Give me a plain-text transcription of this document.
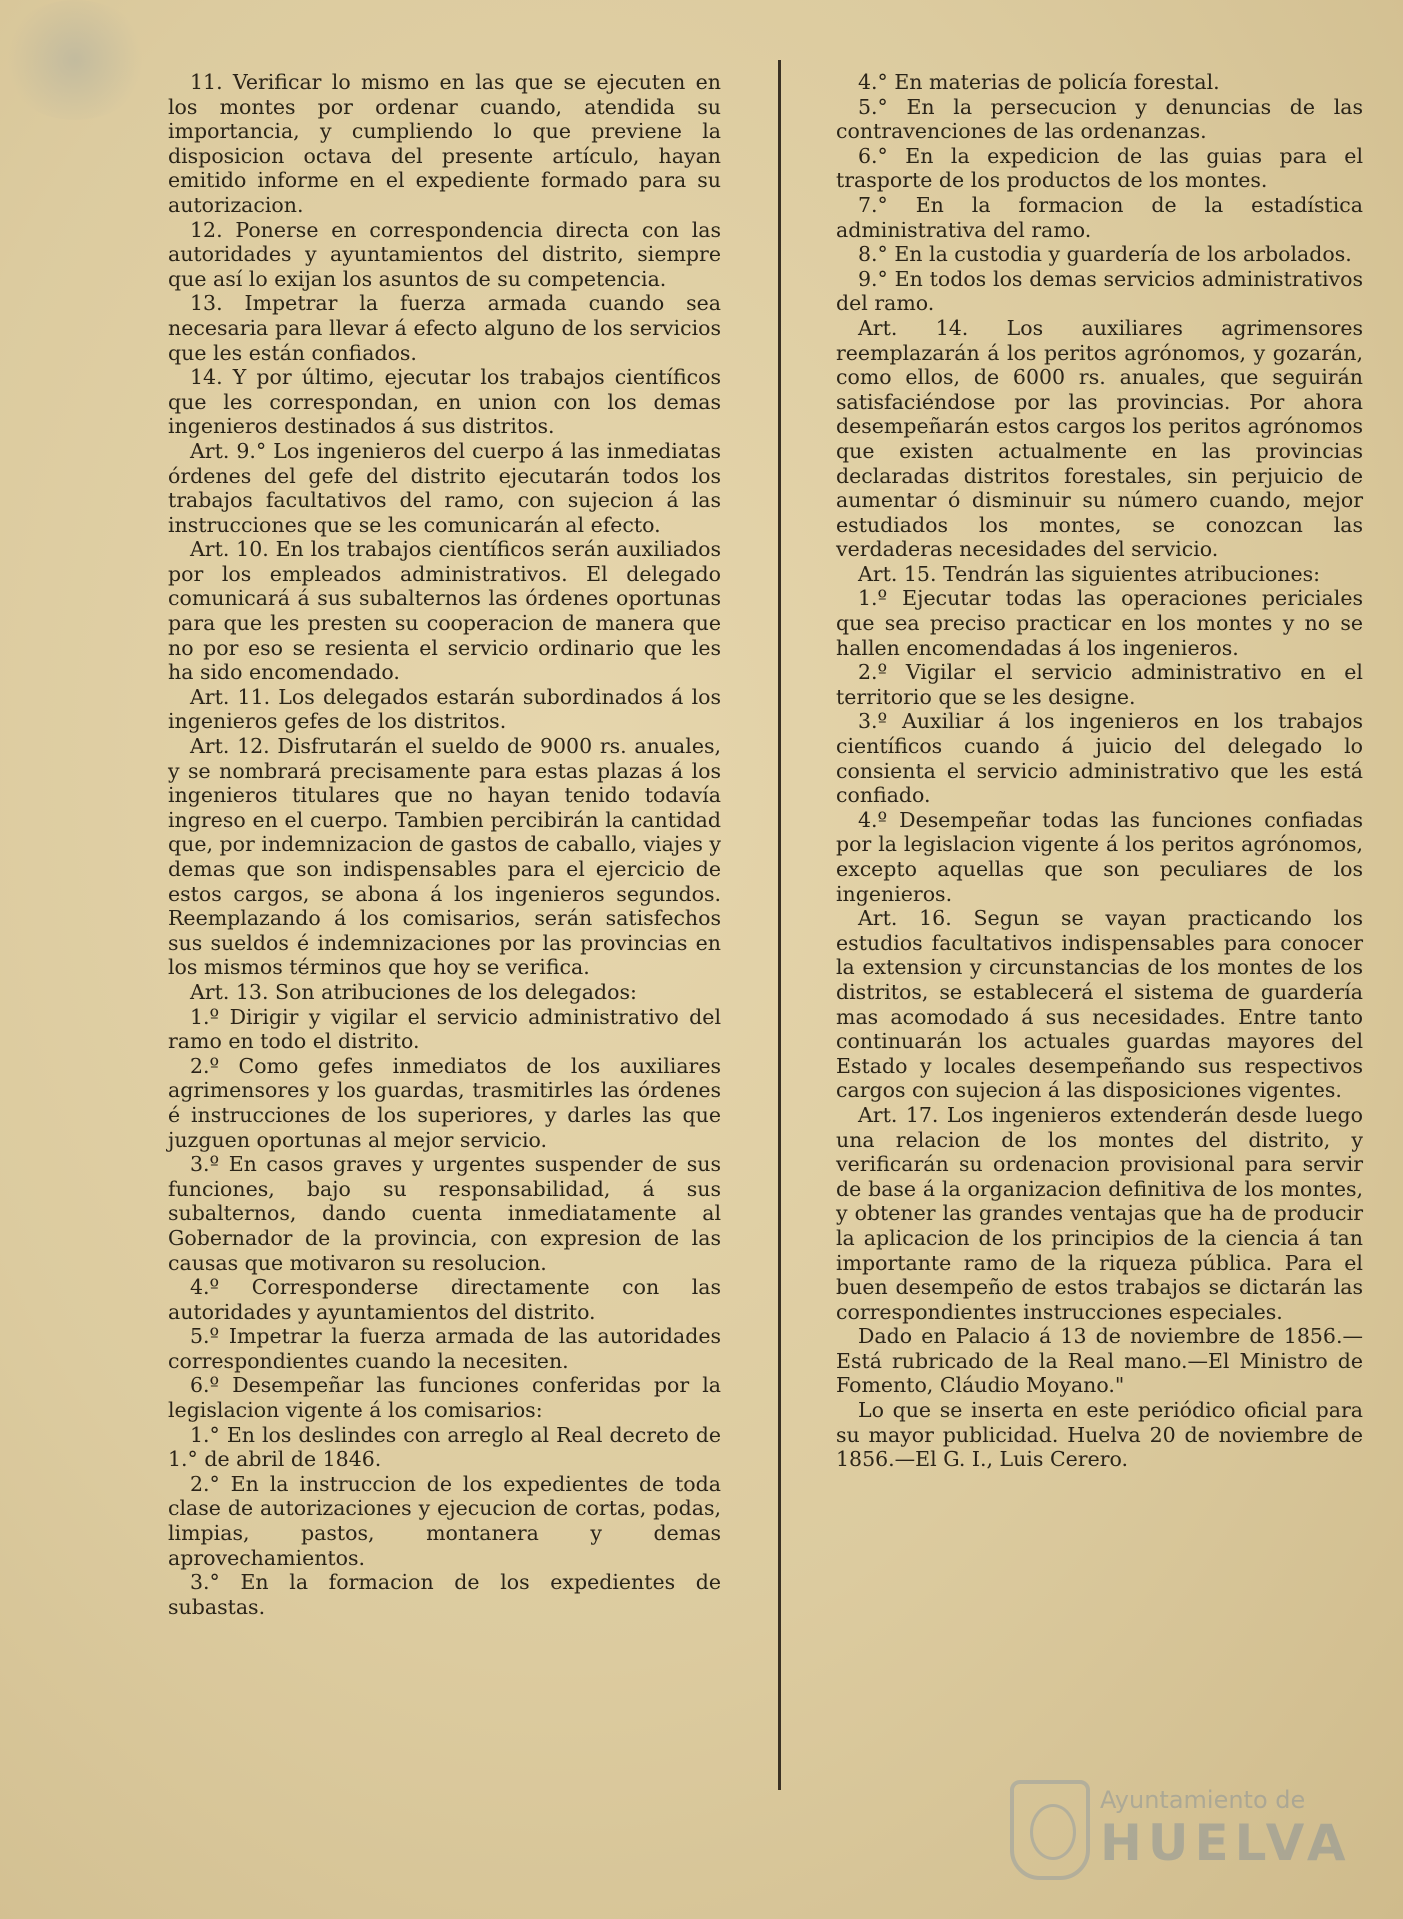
11. Verificar lo mismo en las que se ejecuten en los montes por ordenar cuando, atendida su importancia, y cumpliendo lo que previene la disposicion octava del presente artículo, hayan emitido informe en el expediente formado para su autorizacion.

12. Ponerse en correspondencia directa con las autoridades y ayuntamientos del distrito, siempre que así lo exijan los asuntos de su competencia.

13. Impetrar la fuerza armada cuando sea necesaria para llevar á efecto alguno de los servicios que les están confiados.

14. Y por último, ejecutar los trabajos científicos que les correspondan, en union con los demas ingenieros destinados á sus distritos.

Art. 9.° Los ingenieros del cuerpo á las inmediatas órdenes del gefe del distrito ejecutarán todos los trabajos facultativos del ramo, con sujecion á las instrucciones que se les comunicarán al efecto.

Art. 10. En los trabajos científicos serán auxiliados por los empleados administrativos. El delegado comunicará á sus subalternos las órdenes oportunas para que les presten su cooperacion de manera que no por eso se resienta el servicio ordinario que les ha sido encomendado.

Art. 11. Los delegados estarán subordinados á los ingenieros gefes de los distritos.

Art. 12. Disfrutarán el sueldo de 9000 rs. anuales, y se nombrará precisamente para estas plazas á los ingenieros titulares que no hayan tenido todavía ingreso en el cuerpo. Tambien percibirán la cantidad que, por indemnizacion de gastos de caballo, viajes y demas que son indispensables para el ejercicio de estos cargos, se abona á los ingenieros segundos. Reemplazando á los comisarios, serán satisfechos sus sueldos é indemnizaciones por las provincias en los mismos términos que hoy se verifica.

Art. 13. Son atribuciones de los delegados:

1.º Dirigir y vigilar el servicio administrativo del ramo en todo el distrito.

2.º Como gefes inmediatos de los auxiliares agrimensores y los guardas, trasmitirles las órdenes é instrucciones de los superiores, y darles las que juzguen oportunas al mejor servicio.

3.º En casos graves y urgentes suspender de sus funciones, bajo su responsabilidad, á sus subalternos, dando cuenta inmediatamente al Gobernador de la provincia, con expresion de las causas que motivaron su resolucion.

4.º Corresponderse directamente con las autoridades y ayuntamientos del distrito.

5.º Impetrar la fuerza armada de las autoridades correspondientes cuando la necesiten.

6.º Desempeñar las funciones conferidas por la legislacion vigente á los comisarios:

1.° En los deslindes con arreglo al Real decreto de 1.° de abril de 1846.

2.° En la instruccion de los expedientes de toda clase de autorizaciones y ejecucion de cortas, podas, limpias, pastos, montanera y demas aprovechamientos.

3.° En la formacion de los expedientes de subastas.

4.° En materias de policía forestal.

5.° En la persecucion y denuncias de las contravenciones de las ordenanzas.

6.° En la expedicion de las guias para el trasporte de los productos de los montes.

7.° En la formacion de la estadística administrativa del ramo.

8.° En la custodia y guardería de los arbolados.

9.° En todos los demas servicios administrativos del ramo.

Art. 14. Los auxiliares agrimensores reemplazarán á los peritos agrónomos, y gozarán, como ellos, de 6000 rs. anuales, que seguirán satisfaciéndose por las provincias. Por ahora desempeñarán estos cargos los peritos agrónomos que existen actualmente en las provincias declaradas distritos forestales, sin perjuicio de aumentar ó disminuir su número cuando, mejor estudiados los montes, se conozcan las verdaderas necesidades del servicio.

Art. 15. Tendrán las siguientes atribuciones:

1.º Ejecutar todas las operaciones periciales que sea preciso practicar en los montes y no se hallen encomendadas á los ingenieros.

2.º Vigilar el servicio administrativo en el territorio que se les designe.

3.º Auxiliar á los ingenieros en los trabajos científicos cuando á juicio del delegado lo consienta el servicio administrativo que les está confiado.

4.º Desempeñar todas las funciones confiadas por la legislacion vigente á los peritos agrónomos, excepto aquellas que son peculiares de los ingenieros.

Art. 16. Segun se vayan practicando los estudios facultativos indispensables para conocer la extension y circunstancias de los montes de los distritos, se establecerá el sistema de guardería mas acomodado á sus necesidades. Entre tanto continuarán los actuales guardas mayores del Estado y locales desempeñando sus respectivos cargos con sujecion á las disposiciones vigentes.

Art. 17. Los ingenieros extenderán desde luego una relacion de los montes del distrito, y verificarán su ordenacion provisional para servir de base á la organizacion definitiva de los montes, y obtener las grandes ventajas que ha de producir la aplicacion de los principios de la ciencia á tan importante ramo de la riqueza pública. Para el buen desempeño de estos trabajos se dictarán las correspondientes instrucciones especiales.

Dado en Palacio á 13 de noviembre de 1856.— Está rubricado de la Real mano.—El Ministro de Fomento, Cláudio Moyano."

Lo que se inserta en este periódico oficial para su mayor publicidad. Huelva 20 de noviembre de 1856.—El G. I., Luis Cerero.

Ayuntamiento de
HUELVA
